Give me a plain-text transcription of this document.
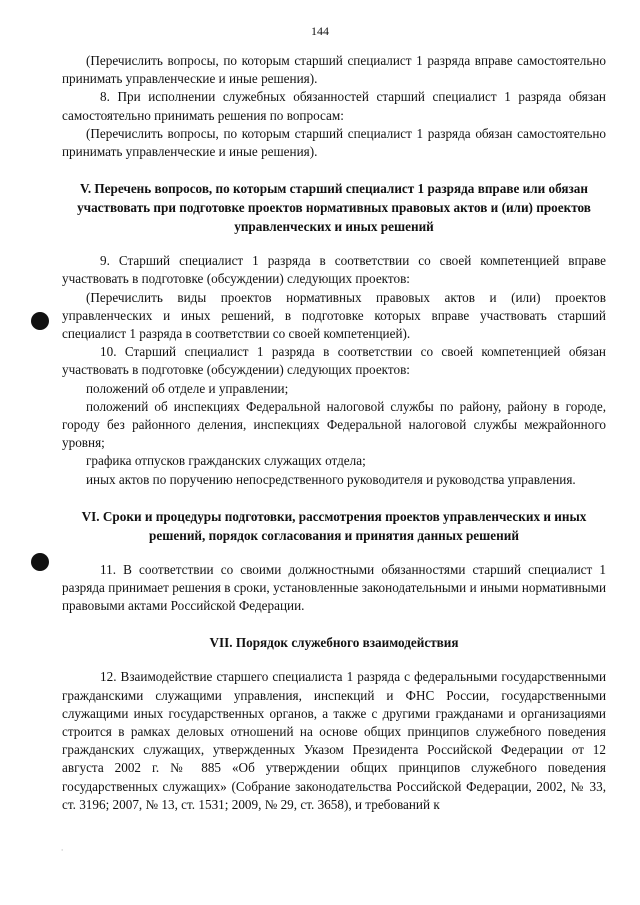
144

(Перечислить вопросы, по которым старший специалист 1 разряда вправе самостоятельно принимать управленческие и иные решения).

8. При исполнении служебных обязанностей старший специалист 1 разряда обязан самостоятельно принимать решения по вопросам:

(Перечислить вопросы, по которым старший специалист 1 разряда обязан самостоятельно принимать управленческие и иные решения).

V. Перечень вопросов, по которым старший специалист 1 разряда вправе или обязан участвовать при подготовке проектов нормативных правовых актов и (или) проектов управленческих и иных решений

9. Старший специалист 1 разряда в соответствии со своей компетенцией вправе участвовать в подготовке (обсуждении) следующих проектов:

(Перечислить виды проектов нормативных правовых актов и (или) проектов управленческих и иных решений, в подготовке которых вправе участвовать старший специалист 1 разряда в соответствии со своей компетенцией).

10. Старший специалист 1 разряда в соответствии со своей компетенцией обязан участвовать в подготовке (обсуждении) следующих проектов:

положений об отделе и управлении;

положений об инспекциях Федеральной налоговой службы по району, району в городе, городу без районного деления, инспекциях Федеральной налоговой службы межрайонного уровня;

графика отпусков гражданских служащих отдела;

иных актов по поручению непосредственного руководителя и руководства управления.

VI. Сроки и процедуры подготовки, рассмотрения проектов управленческих и иных решений, порядок согласования и принятия данных решений

11. В соответствии со своими должностными обязанностями старший специалист 1 разряда принимает решения в сроки, установленные законодательными и иными нормативными правовыми актами Российской Федерации.

VII. Порядок служебного взаимодействия

12. Взаимодействие старшего специалиста 1 разряда с федеральными государственными гражданскими служащими управления, инспекций и ФНС России, государственными служащими иных государственных органов, а также с другими гражданами и организациями строится в рамках деловых отношений на основе общих принципов служебного поведения гражданских служащих, утвержденных Указом Президента Российской Федерации от 12 августа 2002 г. № 885 «Об утверждении общих принципов служебного поведения государственных служащих» (Собрание законодательства Российской Федерации, 2002, № 33, ст. 3196; 2007, № 13, ст. 1531; 2009, № 29, ст. 3658), и требований к

'
